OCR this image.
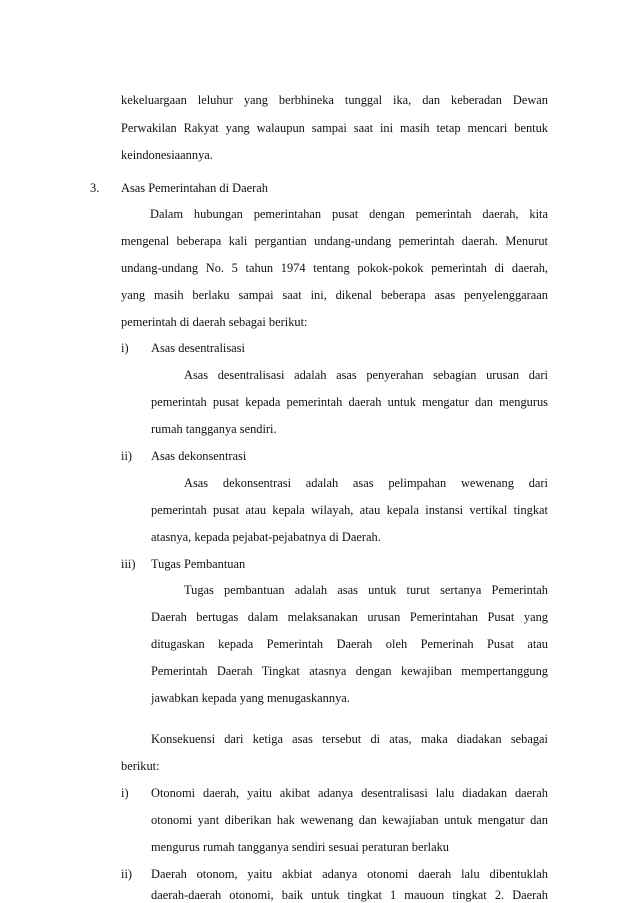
kekeluargaan leluhur yang berbhineka tunggal ika, dan keberadan Dewan
Perwakilan Rakyat yang walaupun sampai saat ini masih tetap mencari bentuk
keindonesiaannya.
3. Asas Pemerintahan di Daerah
Dalam hubungan pemerintahan pusat dengan pemerintah daerah, kita
mengenal beberapa kali pergantian undang-undang pemerintah daerah. Menurut
undang-undang No. 5 tahun 1974 tentang pokok-pokok pemerintah di daerah,
yang masih berlaku sampai saat ini, dikenal beberapa asas penyelenggaraan
pemerintah di daerah sebagai berikut:
i) Asas desentralisasi
Asas desentralisasi adalah asas penyerahan sebagian urusan dari
pemerintah pusat kepada pemerintah daerah untuk mengatur dan mengurus
rumah tangganya sendiri.
ii) Asas dekonsentrasi
Asas dekonsentrasi adalah asas pelimpahan wewenang dari
pemerintah pusat atau kepala wilayah, atau kepala instansi vertikal tingkat
atasnya, kepada pejabat-pejabatnya di Daerah.
iii) Tugas Pembantuan
Tugas pembantuan adalah asas untuk turut sertanya Pemerintah
Daerah bertugas dalam melaksanakan urusan Pemerintahan Pusat yang
ditugaskan kepada Pemerintah Daerah oleh Pemerinah Pusat atau
Pemerintah Daerah Tingkat atasnya dengan kewajiban mempertanggung
jawabkan kepada yang menugaskannya.
Konsekuensi dari ketiga asas tersebut di atas, maka diadakan sebagai
berikut:
i) Otonomi daerah, yaitu akibat adanya desentralisasi lalu diadakan daerah
otonomi yant diberikan hak wewenang dan kewajiaban untuk mengatur dan
mengurus rumah tangganya sendiri sesuai peraturan berlaku
ii) Daerah otonom, yaitu akbiat adanya otonomi daerah lalu dibentuklah
daerah-daerah otonomi, baik untuk tingkat 1 mauoun tingkat 2. Daerah
